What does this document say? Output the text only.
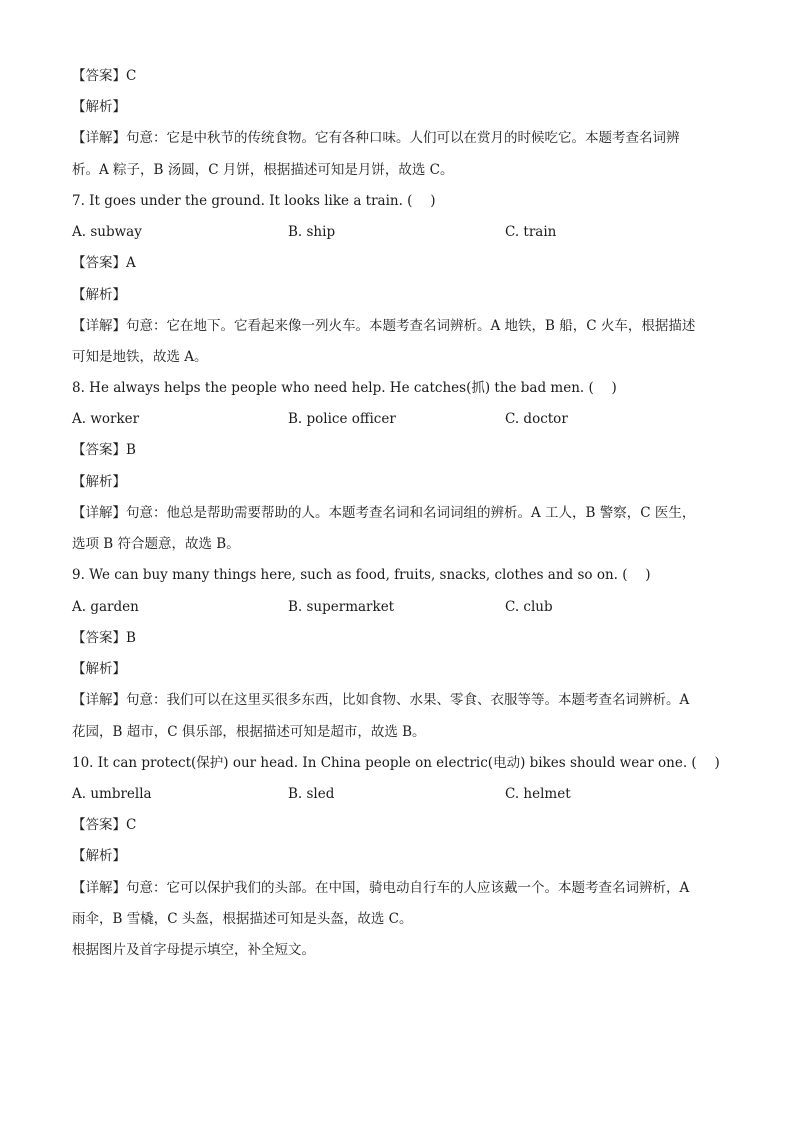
【答案】C
【解析】
【详解】句意：它是中秋节的传统食物。它有各种口味。人们可以在赏月的时候吃它。本题考查名词辨
析。A 粽子，B 汤圆，C 月饼，根据描述可知是月饼，故选 C。
7. It goes under the ground. It looks like a train. (　 )
A. subway	B. ship	C. train
【答案】A
【解析】
【详解】句意：它在地下。它看起来像一列火车。本题考查名词辨析。A 地铁，B 船，C 火车，根据描述
可知是地铁，故选 A。
8. He always helps the people who need help. He catches(抓) the bad men. (　 )
A. worker	B. police officer	C. doctor
【答案】B
【解析】
【详解】句意：他总是帮助需要帮助的人。本题考查名词和名词词组的辨析。A 工人，B 警察，C 医生，
选项 B 符合题意，故选 B。
9. We can buy many things here, such as food, fruits, snacks, clothes and so on. (　 )
A. garden	B. supermarket	C. club
【答案】B
【解析】
【详解】句意：我们可以在这里买很多东西，比如食物、水果、零食、衣服等等。本题考查名词辨析。A
花园，B 超市，C 俱乐部，根据描述可知是超市，故选 B。
10. It can protect(保护) our head. In China people on electric(电动) bikes should wear one. (　 )
A. umbrella	B. sled	C. helmet
【答案】C
【解析】
【详解】句意：它可以保护我们的头部。在中国，骑电动自行车的人应该戴一个。本题考查名词辨析，A
雨伞，B 雪橇，C 头盔，根据描述可知是头盔，故选 C。
根据图片及首字母提示填空，补全短文。
